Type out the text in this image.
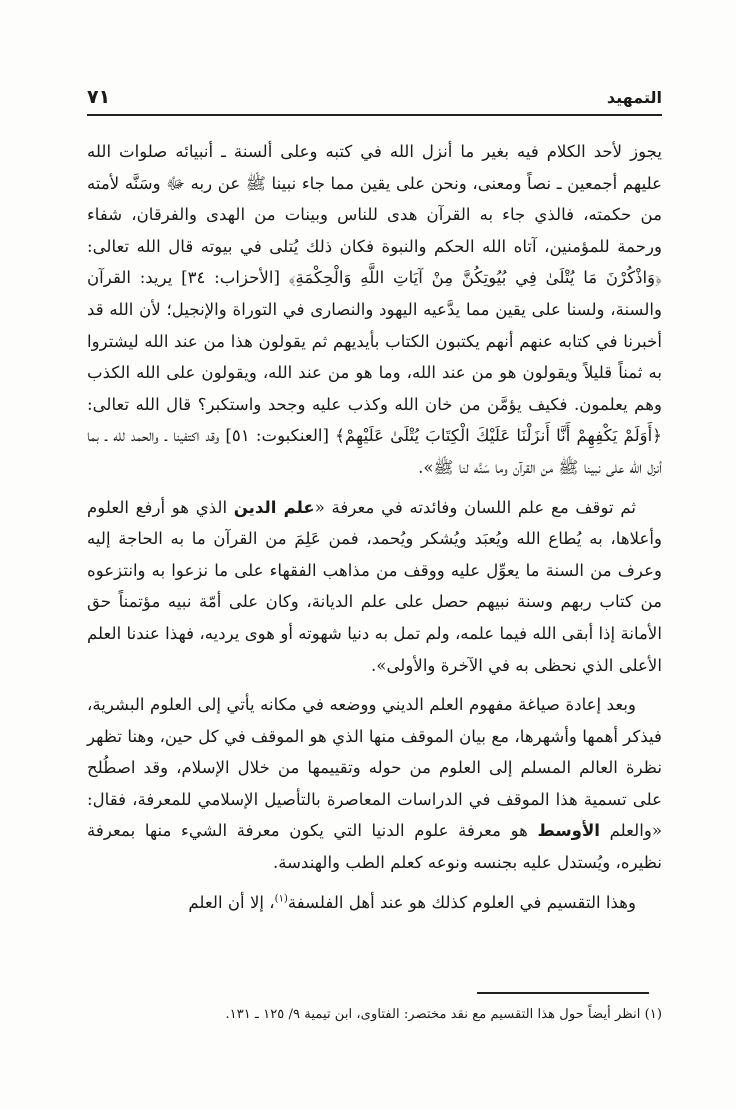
٧١	التمهيد

يجوز لأحد الكلام فيه بغير ما أنزل الله في كتبه وعلى ألسنة ـ أنبيائه صلوات الله عليهم أجمعين ـ نصاً ومعنى، ونحن على يقين مما جاء نبينا ﷺ عن ربه ﷻ وسَنَّه لأمته من حكمته، فالذي جاء به القرآن هدى للناس وبينات من الهدى والفرقان، شفاء ورحمة للمؤمنين، آتاه الله الحكم والنبوة فكان ذلك يُتلى في بيوته قال الله تعالى: ﴿وَاذْكُرْنَ مَا يُتْلَىٰ فِي بُيُوتِكُنَّ مِنْ آيَاتِ اللَّهِ وَالْحِكْمَةِ﴾ [الأحزاب: ٣٤] يريد: القرآن والسنة، ولسنا على يقين مما يدَّعيه اليهود والنصارى في التوراة والإنجيل؛ لأن الله قد أخبرنا في كتابه عنهم أنهم يكتبون الكتاب بأيديهم ثم يقولون هذا من عند الله ليشتروا به ثمناً قليلاً ويقولون هو من عند الله، وما هو من عند الله، ويقولون على الله الكذب وهم يعلمون. فكيف يؤمَّن من خان الله وكذب عليه وجحد واستكبر؟ قال الله تعالى: ﴿أَوَلَمْ يَكْفِهِمْ أَنَّا أَنزَلْنَا عَلَيْكَ الْكِتَابَ يُتْلَىٰ عَلَيْهِمْ﴾ [العنكبوت: ٥١] وقد اكتفينا ـ والحمد لله ـ بما أنزل الله على نبينا ﷺ من القرآن وما سَنَّه لنا ﷺ».

ثم توقف مع علم اللسان وفائدته في معرفة «علم الدين الذي هو أرفع العلوم وأعلاها، به يُطاع الله ويُعبَد ويُشكر ويُحمد، فمن عَلِمَ من القرآن ما به الحاجة إليه وعرف من السنة ما يعوِّل عليه ووقف من مذاهب الفقهاء على ما نزعوا به وانتزعوه من كتاب ربهم وسنة نبيهم حصل على علم الديانة، وكان على أمّة نبيه مؤتمناً حق الأمانة إذا أبقى الله فيما علمه، ولم تمل به دنيا شهوته أو هوى يرديه، فهذا عندنا العلم الأعلى الذي نحظى به في الآخرة والأولى».

وبعد إعادة صياغة مفهوم العلم الديني ووضعه في مكانه يأتي إلى العلوم البشرية، فيذكر أهمها وأشهرها، مع بيان الموقف منها الذي هو الموقف في كل حين، وهنا تظهر نظرة العالم المسلم إلى العلوم من حوله وتقييمها من خلال الإسلام، وقد اصطُلح على تسمية هذا الموقف في الدراسات المعاصرة بالتأصيل الإسلامي للمعرفة، فقال: «والعلم الأوسط هو معرفة علوم الدنيا التي يكون معرفة الشيء منها بمعرفة نظيره، ويُستدل عليه بجنسه ونوعه كعلم الطب والهندسة.

وهذا التقسيم في العلوم كذلك هو عند أهل الفلسفة$^{(١)}$، إلا أن العلم

(١) انظر أيضاً حول هذا التقسيم مع نقد مختصر: الفتاوى، ابن تيمية ٩/ ١٢٥ ـ ١٣١.
